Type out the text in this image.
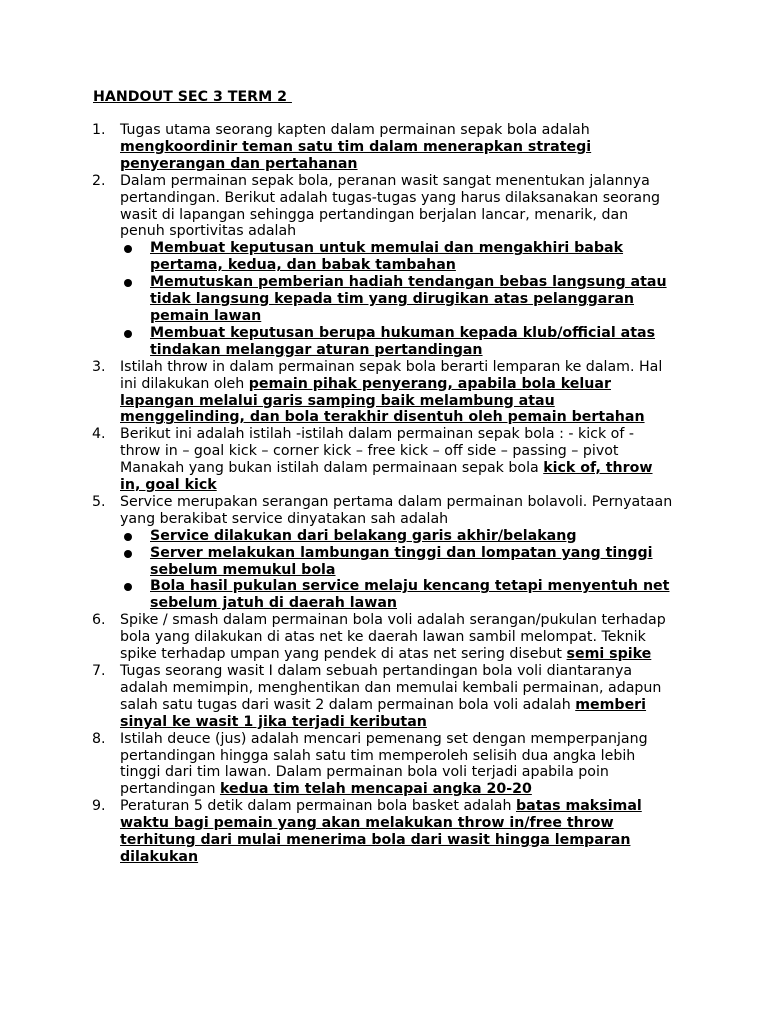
HANDOUT SEC 3 TERM 2
1. Tugas utama seorang kapten dalam permainan sepak bola adalah mengkoordinir teman satu tim dalam menerapkan strategi penyerangan dan pertahanan
2. Dalam permainan sepak bola, peranan wasit sangat menentukan jalannya pertandingan. Berikut adalah tugas-tugas yang harus dilaksanakan seorang wasit di lapangan sehingga pertandingan berjalan lancar, menarik, dan penuh sportivitas adalah
Membuat keputusan untuk memulai dan mengakhiri babak pertama, kedua, dan babak tambahan
Memutuskan pemberian hadiah tendangan bebas langsung atau tidak langsung kepada tim yang dirugikan atas pelanggaran pemain lawan
Membuat keputusan berupa hukuman kepada klub/official atas tindakan melanggar aturan pertandingan
3. Istilah throw in dalam permainan sepak bola berarti lemparan ke dalam. Hal ini dilakukan oleh pemain pihak penyerang, apabila bola keluar lapangan melalui garis samping baik melambung atau menggelinding, dan bola terakhir disentuh oleh pemain bertahan
4. Berikut ini adalah istilah -istilah dalam permainan sepak bola : - kick of - throw in – goal kick – corner kick – free kick – off side – passing – pivot Manakah yang bukan istilah dalam permainaan sepak bola kick of, throw in, goal kick
5. Service merupakan serangan pertama dalam permainan bolavoli. Pernyataan yang berakibat service dinyatakan sah adalah
Service dilakukan dari belakang garis akhir/belakang
Server melakukan lambungan tinggi dan lompatan yang tinggi sebelum memukul bola
Bola hasil pukulan service melaju kencang tetapi menyentuh net sebelum jatuh di daerah lawan
6. Spike / smash dalam permainan bola voli adalah serangan/pukulan terhadap bola yang dilakukan di atas net ke daerah lawan sambil melompat. Teknik spike terhadap umpan yang pendek di atas net sering disebut semi spike
7. Tugas seorang wasit I dalam sebuah pertandingan bola voli diantaranya adalah memimpin, menghentikan dan memulai kembali permainan, adapun salah satu tugas dari wasit 2 dalam permainan bola voli adalah memberi sinyal ke wasit 1 jika terjadi keributan
8. Istilah deuce (jus) adalah mencari pemenang set dengan memperpanjang pertandingan hingga salah satu tim memperoleh selisih dua angka lebih tinggi dari tim lawan. Dalam permainan bola voli terjadi apabila poin pertandingan kedua tim telah mencapai angka 20-20
9. Peraturan 5 detik dalam permainan bola basket adalah batas maksimal waktu bagi pemain yang akan melakukan throw in/free throw terhitung dari mulai menerima bola dari wasit hingga lemparan dilakukan
